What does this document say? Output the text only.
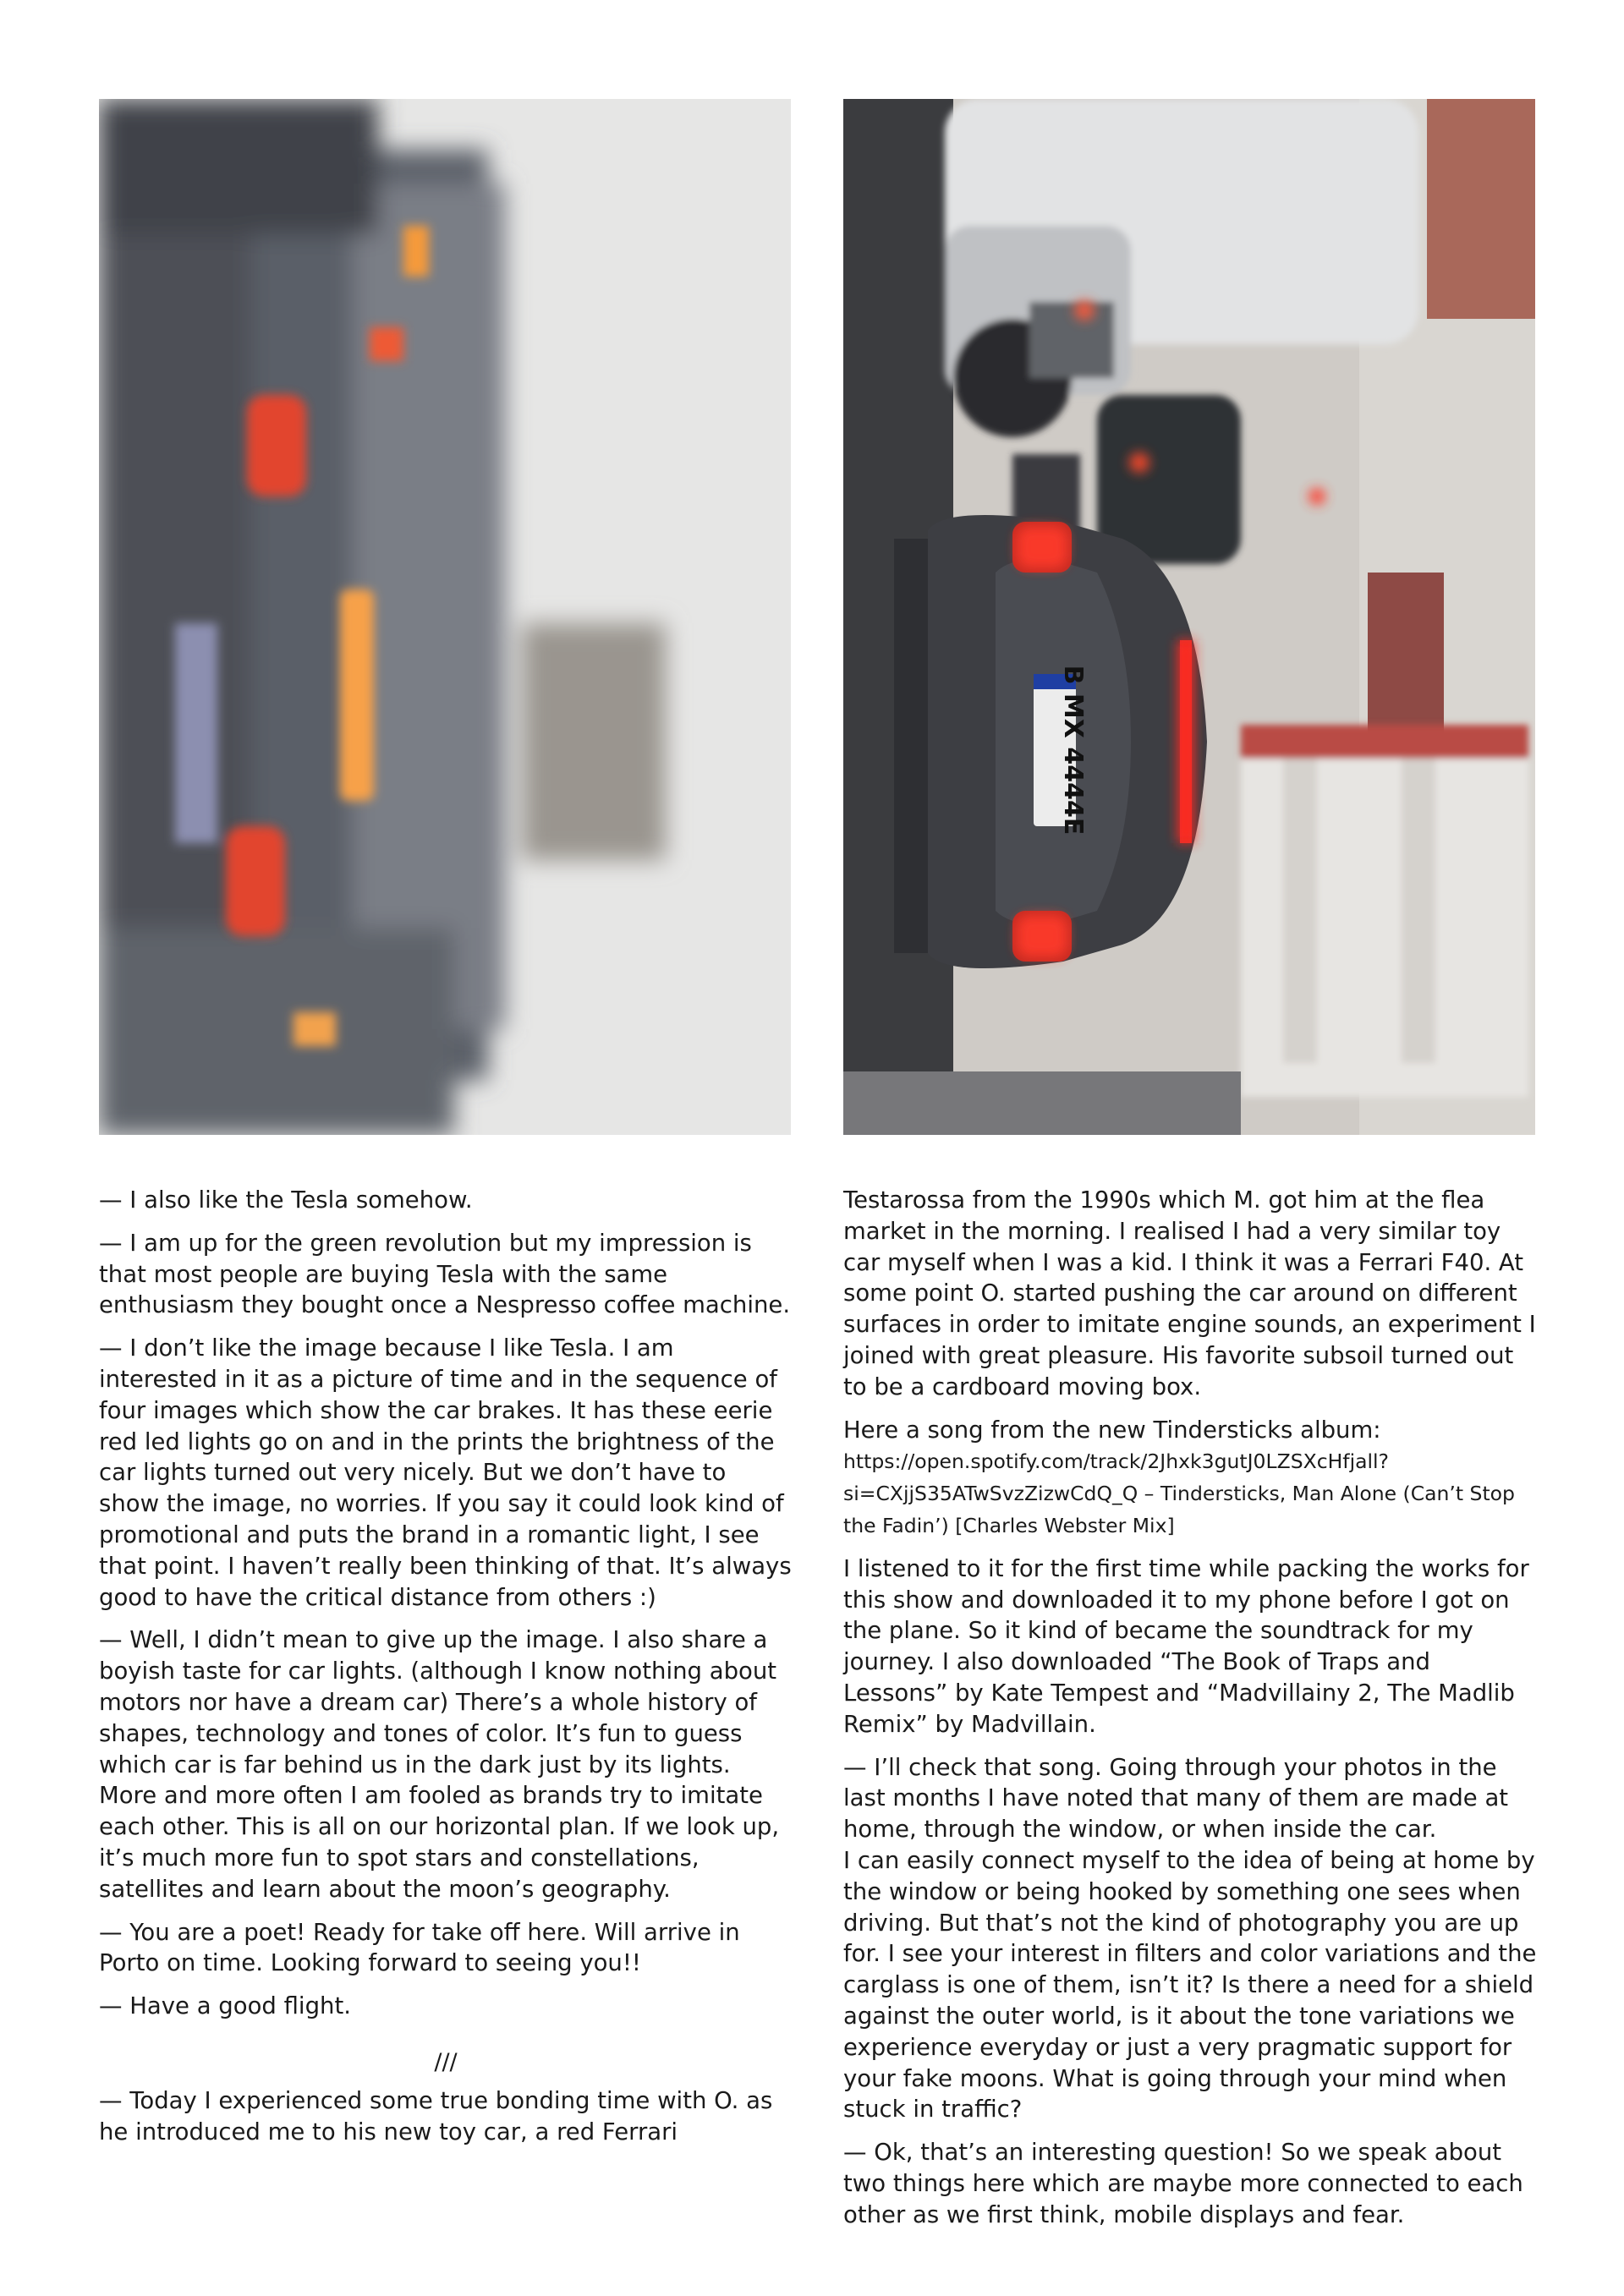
B MX 4444E

— I also like the Tesla somehow.

— I am up for the green revolution but my impression is that most people are buying Tesla with the same enthusiasm they bought once a Nespresso coffee machine.

— I don’t like the image because I like Tesla. I am interested in it as a picture of time and in the sequence of four images which show the car brakes. It has these eerie red led lights go on and in the prints the brightness of the car lights turned out very nicely. But we don’t have to show the image, no worries. If you say it could look kind of promotional and puts the brand in a romantic light, I see that point. I haven’t really been thinking of that. It’s always good to have the critical distance from others :)

— Well, I didn’t mean to give up the image. I also share a boyish taste for car lights. (although I know nothing about motors nor have a dream car) There’s a whole history of shapes, technology and tones of color. It’s fun to guess which car is far behind us in the dark just by its lights. More and more often I am fooled as brands try to imitate each other. This is all on our horizontal plan. If we look up, it’s much more fun to spot stars and constellations, satellites and learn about the moon’s geography.

— You are a poet! Ready for take off here. Will arrive in Porto on time. Looking forward to seeing you!!

— Have a good flight.

///

— Today I experienced some true bonding time with O. as he introduced me to his new toy car, a red Ferrari

Testarossa from the 1990s which M. got him at the flea market in the morning. I realised I had a very similar toy car myself when I was a kid. I think it was a Ferrari F40. At some point O. started pushing the car around on different surfaces in order to imitate engine sounds, an experiment I joined with great pleasure. His favorite subsoil turned out to be a cardboard moving box.

Here a song from the new Tindersticks album: https://open.spotify.com/track/2Jhxk3gutJ0LZSXcHfjall?si=CXjjS35ATwSvzZizwCdQ_Q – Tindersticks, Man Alone (Can’t Stop the Fadin’) [Charles Webster Mix]

I listened to it for the first time while packing the works for this show and downloaded it to my phone before I got on the plane. So it kind of became the soundtrack for my journey. I also downloaded “The Book of Traps and Lessons” by Kate Tempest and “Madvillainy 2, The Madlib Remix” by Madvillain.

— I’ll check that song. Going through your photos in the last months I have noted that many of them are made at home, through the window, or when inside the car.

I can easily connect myself to the idea of being at home by the window or being hooked by something one sees when driving. But that’s not the kind of photography you are up for. I see your interest in filters and color variations and the carglass is one of them, isn’t it? Is there a need for a shield against the outer world, is it about the tone variations we experience everyday or just a very pragmatic support for your fake moons. What is going through your mind when stuck in traffic?

— Ok, that’s an interesting question! So we speak about two things here which are maybe more connected to each other as we first think, mobile displays and fear.
